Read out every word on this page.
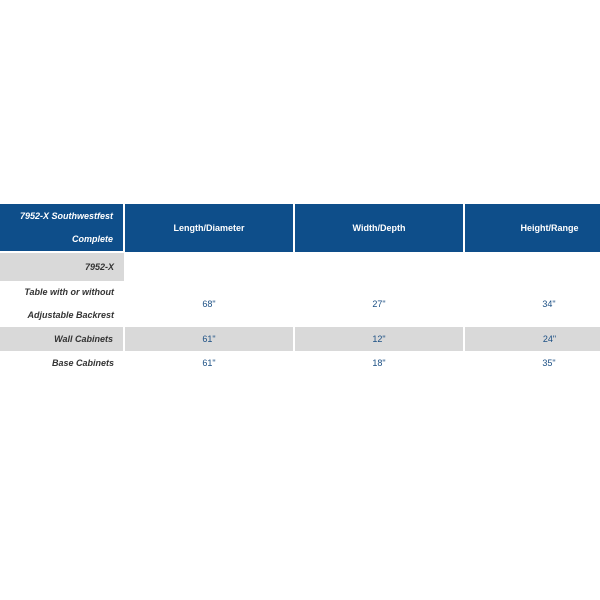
7952-X Southwestfest
Complete	Length/Diameter	Width/Depth	Height/Range
7952-X			

Table with or without
Adjustable Backrest	68"	27"	34"
Wall Cabinets	61"	12"	24"
Base Cabinets	61"	18"	35"
